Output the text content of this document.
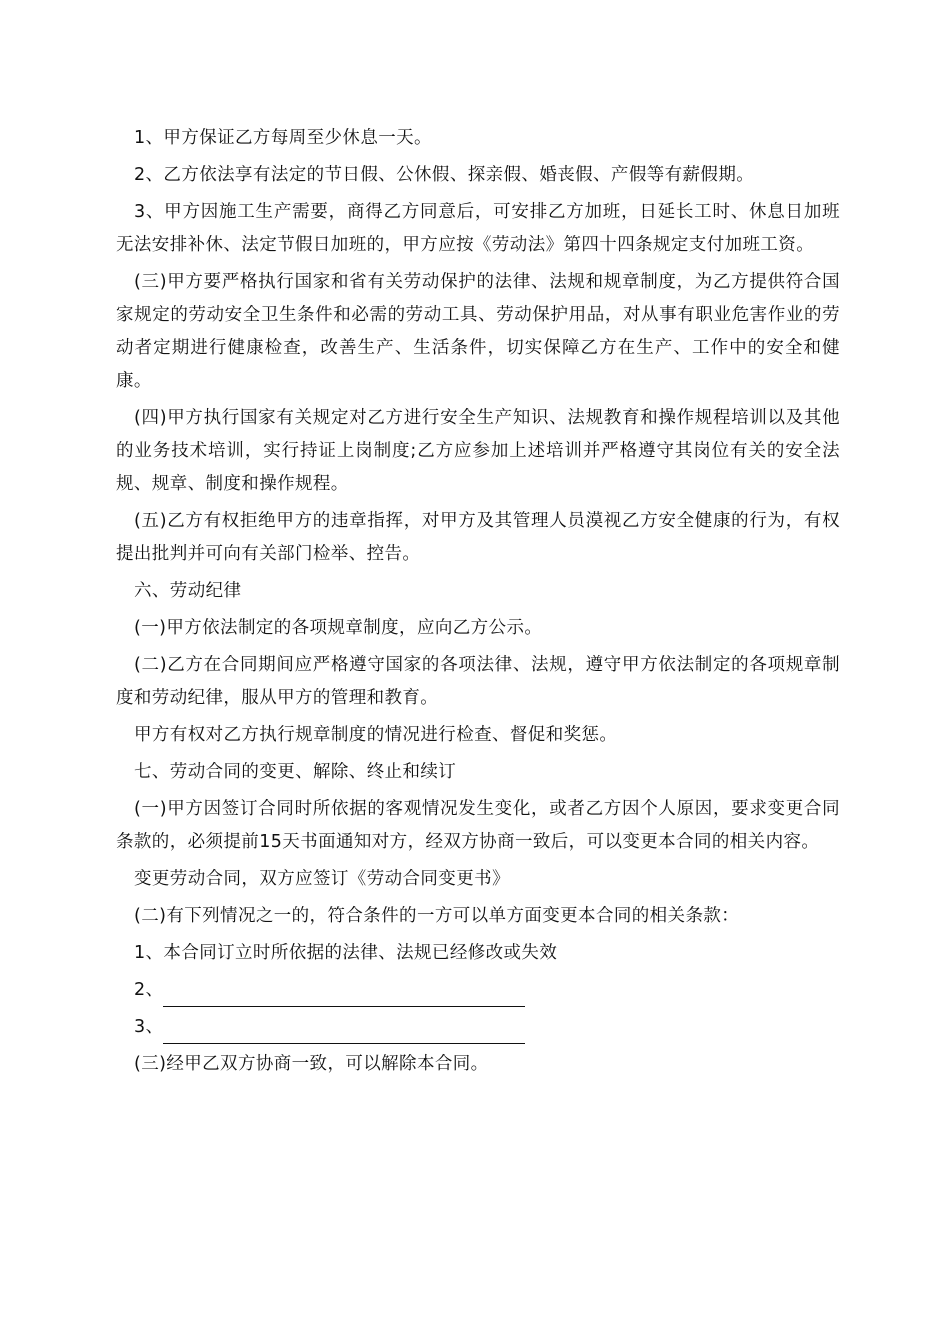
1、甲方保证乙方每周至少休息一天。

2、乙方依法享有法定的节日假、公休假、探亲假、婚丧假、产假等有薪假期。

3、甲方因施工生产需要，商得乙方同意后，可安排乙方加班，日延长工时、休息日加班无法安排补休、法定节假日加班的，甲方应按《劳动法》第四十四条规定支付加班工资。

(三)甲方要严格执行国家和省有关劳动保护的法律、法规和规章制度，为乙方提供符合国家规定的劳动安全卫生条件和必需的劳动工具、劳动保护用品，对从事有职业危害作业的劳动者定期进行健康检查，改善生产、生活条件，切实保障乙方在生产、工作中的安全和健康。

(四)甲方执行国家有关规定对乙方进行安全生产知识、法规教育和操作规程培训以及其他的业务技术培训，实行持证上岗制度;乙方应参加上述培训并严格遵守其岗位有关的安全法规、规章、制度和操作规程。

(五)乙方有权拒绝甲方的违章指挥，对甲方及其管理人员漠视乙方安全健康的行为，有权提出批判并可向有关部门检举、控告。

六、劳动纪律

(一)甲方依法制定的各项规章制度，应向乙方公示。

(二)乙方在合同期间应严格遵守国家的各项法律、法规，遵守甲方依法制定的各项规章制度和劳动纪律，服从甲方的管理和教育。

甲方有权对乙方执行规章制度的情况进行检查、督促和奖惩。

七、劳动合同的变更、解除、终止和续订

(一)甲方因签订合同时所依据的客观情况发生变化，或者乙方因个人原因，要求变更合同条款的，必须提前15天书面通知对方，经双方协商一致后，可以变更本合同的相关内容。

变更劳动合同，双方应签订《劳动合同变更书》

(二)有下列情况之一的，符合条件的一方可以单方面变更本合同的相关条款：

1、本合同订立时所依据的法律、法规已经修改或失效

2、

3、

(三)经甲乙双方协商一致，可以解除本合同。
